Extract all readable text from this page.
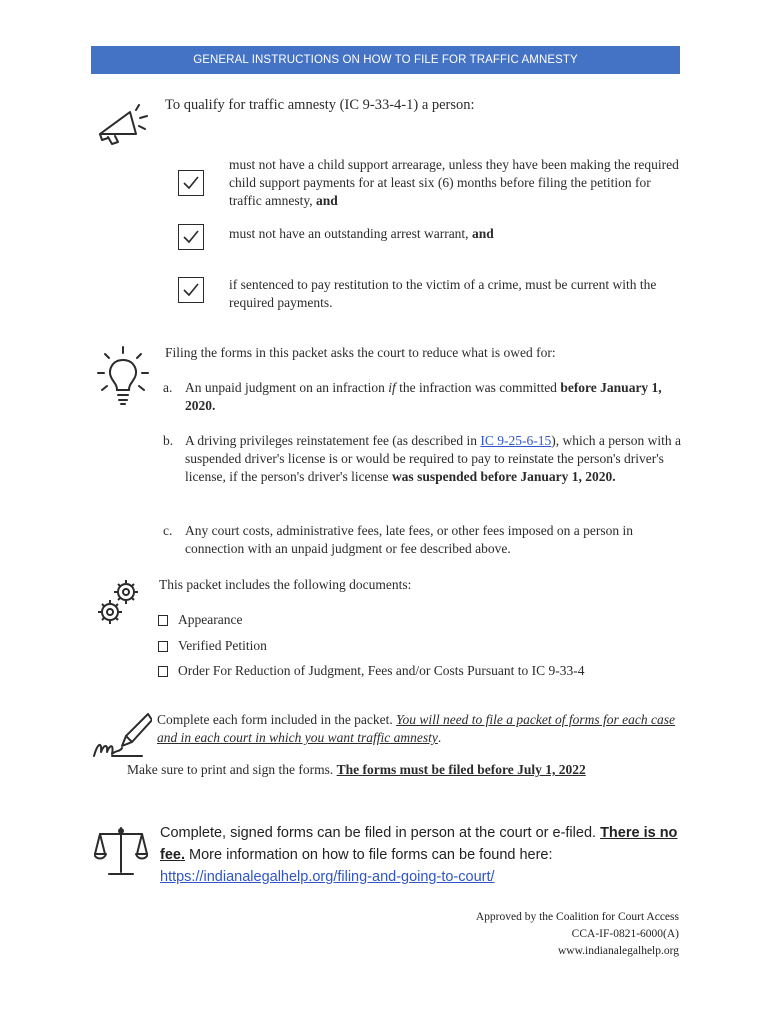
GENERAL INSTRUCTIONS ON HOW TO FILE FOR TRAFFIC AMNESTY
To qualify for traffic amnesty (IC 9-33-4-1) a person:
must not have a child support arrearage, unless they have been making the required child support payments for at least six (6) months before filing the petition for traffic amnesty, and
must not have an outstanding arrest warrant, and
if sentenced to pay restitution to the victim of a crime, must be current with the required payments.
Filing the forms in this packet asks the court to reduce what is owed for:
a. An unpaid judgment on an infraction if the infraction was committed before January 1, 2020.
b. A driving privileges reinstatement fee (as described in IC 9-25-6-15), which a person with a suspended driver's license is or would be required to pay to reinstate the person's driver's license, if the person's driver's license was suspended before January 1, 2020.
c. Any court costs, administrative fees, late fees, or other fees imposed on a person in connection with an unpaid judgment or fee described above.
This packet includes the following documents:
Appearance
Verified Petition
Order For Reduction of Judgment, Fees and/or Costs Pursuant to IC 9-33-4
Complete each form included in the packet. You will need to file a packet of forms for each case and in each court in which you want traffic amnesty.
Make sure to print and sign the forms. The forms must be filed before July 1, 2022
Complete, signed forms can be filed in person at the court or e-filed. There is no fee. More information on how to file forms can be found here:
https://indianalegalhelp.org/filing-and-going-to-court/
Approved by the Coalition for Court Access
CCA-IF-0821-6000(A)
www.indianalegalhelp.org
